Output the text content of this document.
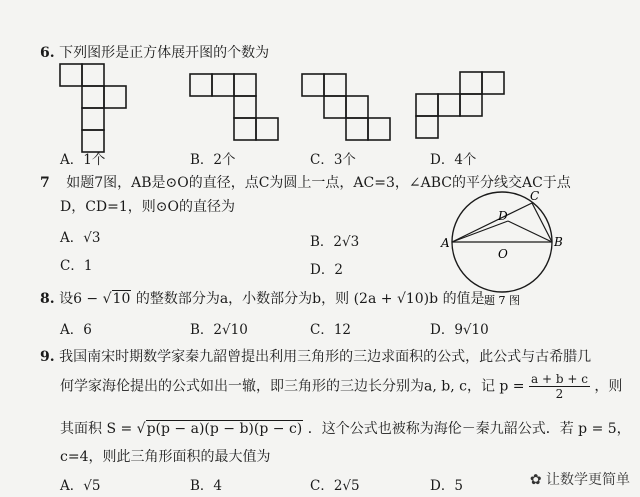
6. 下列图形是正方体展开图的个数为
A．1个	B．2个	C．3个	D．4个
7 如题7图，AB是⊙O的直径，点C为圆上一点，AC=3，∠ABC的平分线交AC于点
D，CD=1，则⊙O的直径为
A．√3	B．2√3
C．1	D．2
A	B
C
D
O
题 7 图
8. 设6 − √10 的整数部分为a，小数部分为b，则 (2a + √10)b 的值是
A．6	B．2√10	C．12	D．9√10
9. 我国南宋时期数学家秦九韶曾提出利用三角形的三边求面积的公式，此公式与古希腊几
何学家海伦提出的公式如出一辙，即三角形的三边长分别为a, b, c，记 $p = \frac{a + b + c}{2}$ ，则
其面积 S = √p(p − a)(p − b)(p − c) ．这个公式也被称为海伦－秦九韶公式．若 p = 5，
c=4，则此三角形面积的最大值为
A．√5	B．4	C．2√5	D．5	✿ 让数学更简单
